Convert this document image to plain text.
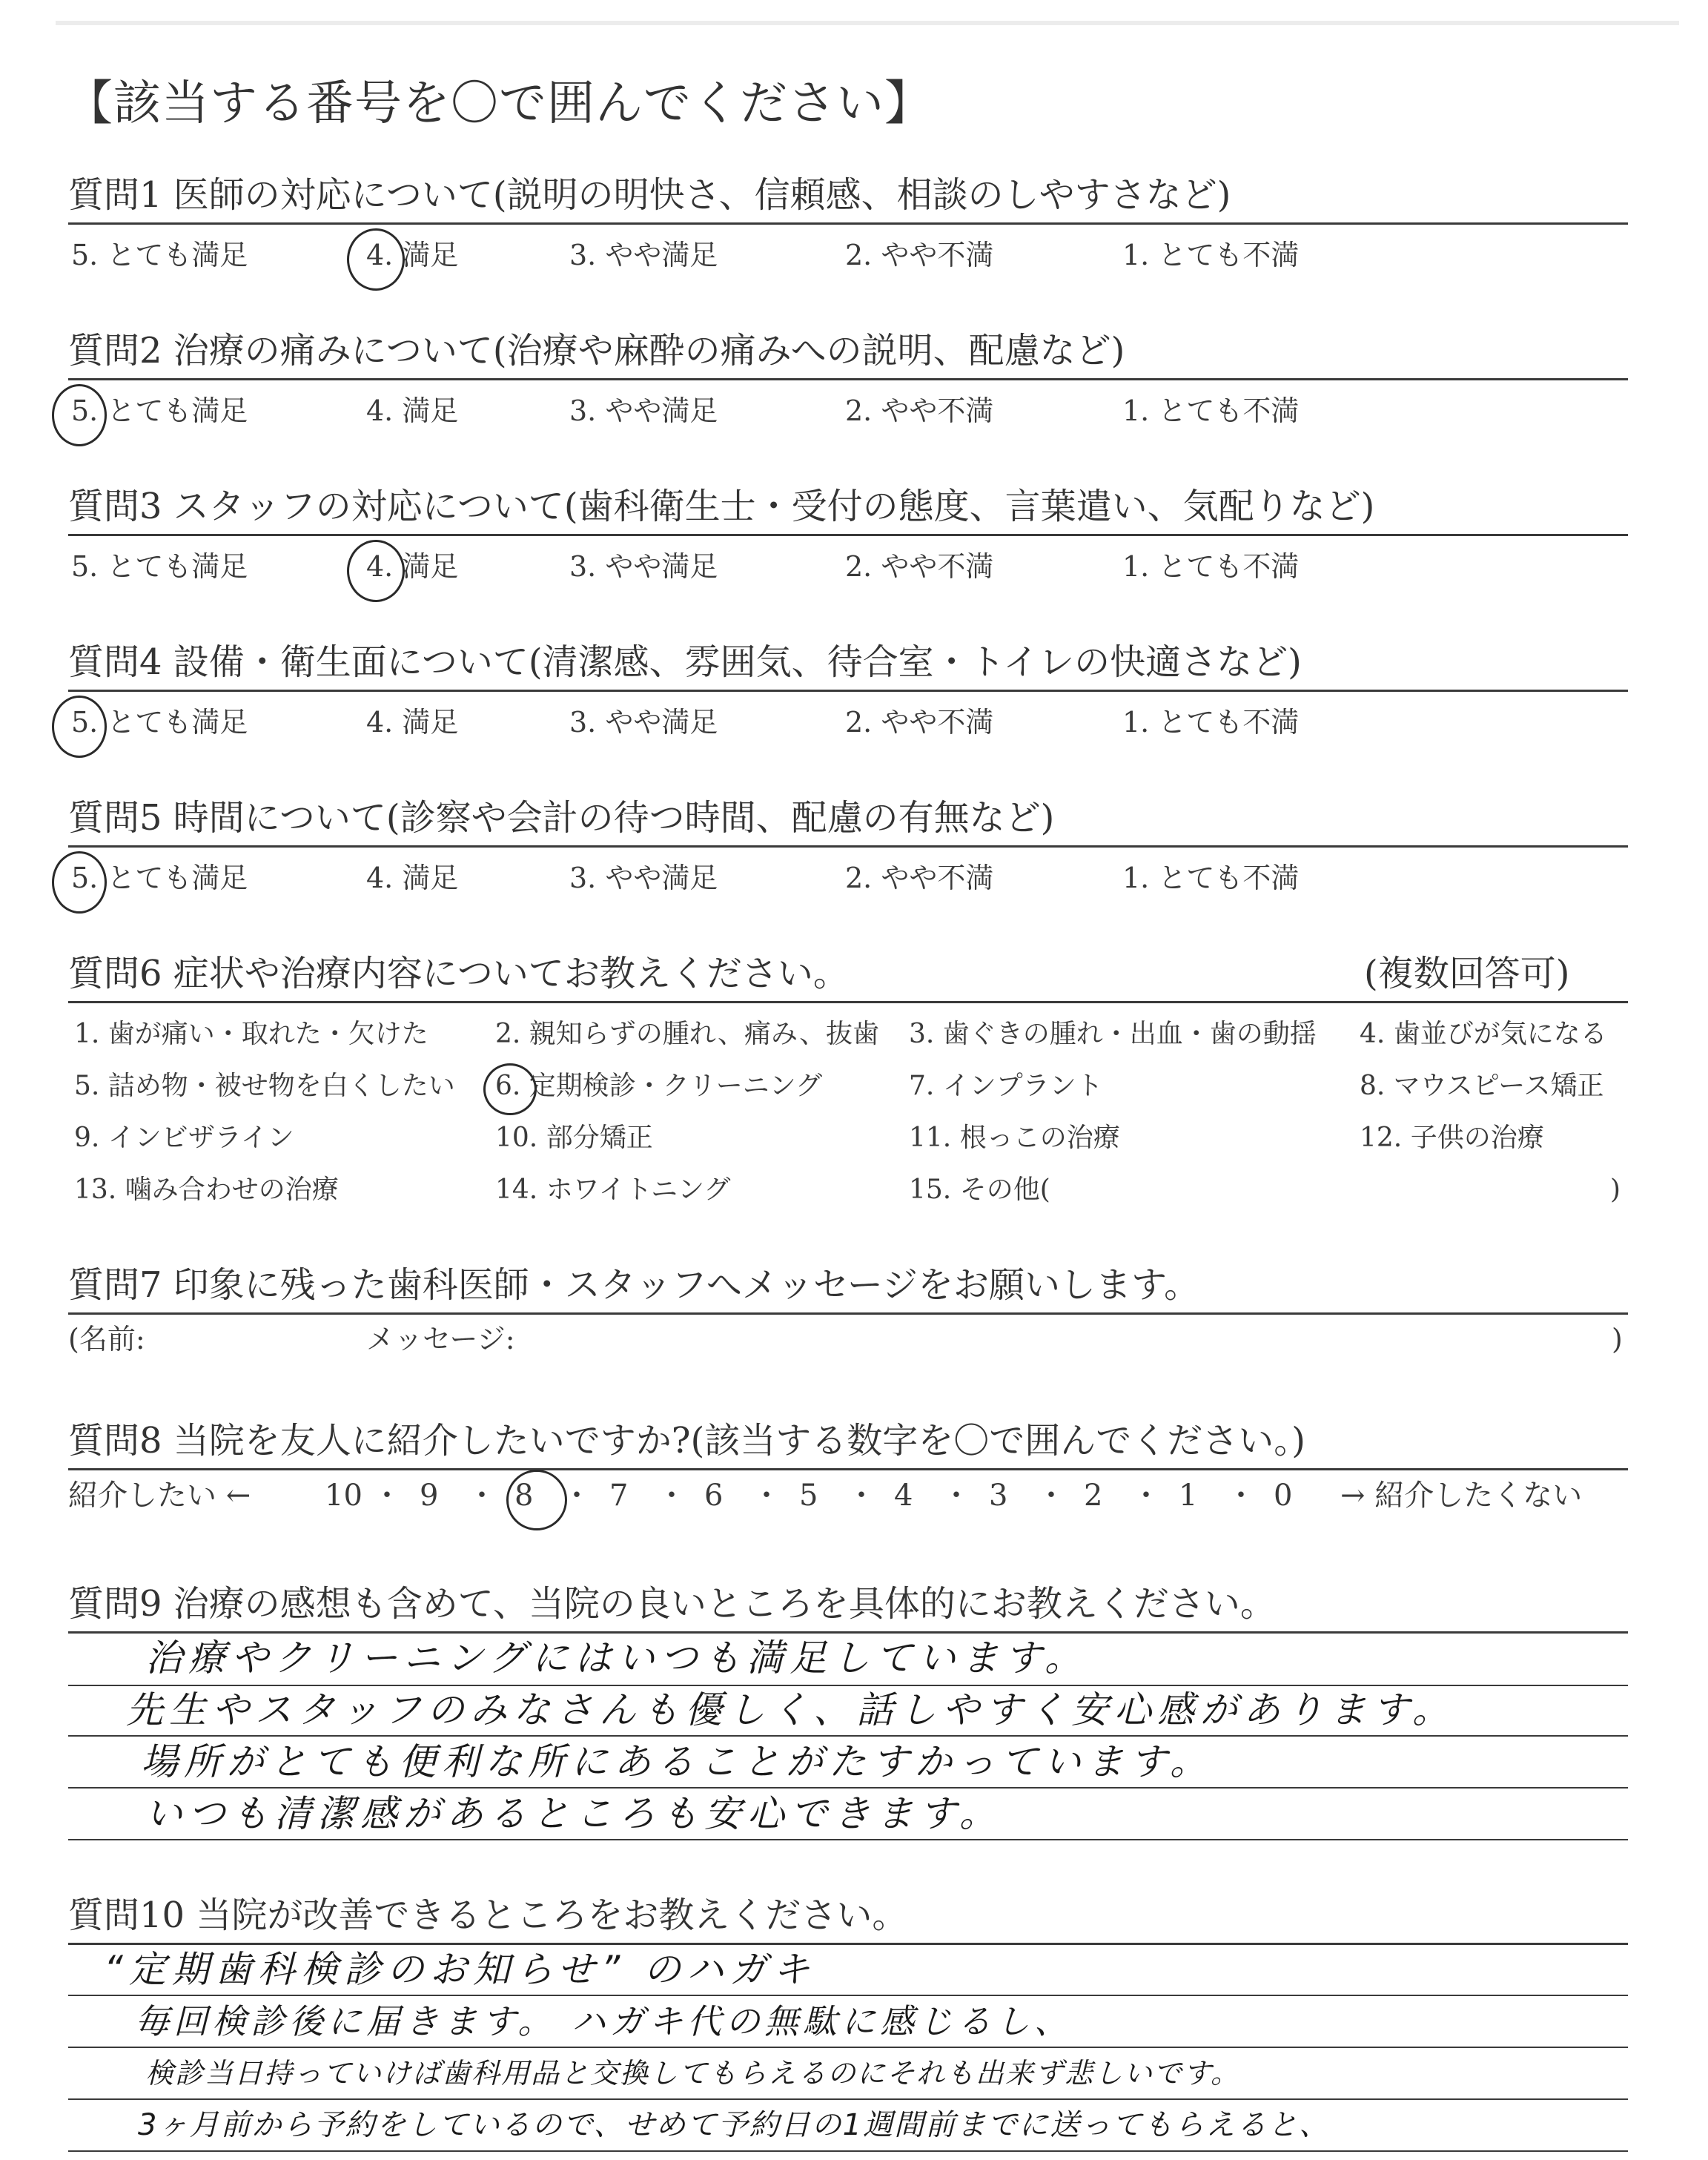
【該当する番号を〇で囲んでください】
質問1 医師の対応について(説明の明快さ、信頼感、相談のしやすさなど)
5. とても満足	4. 満足	3. やや満足	2. やや不満	1. とても不満
質問2 治療の痛みについて(治療や麻酔の痛みへの説明、配慮など)
5. とても満足	4. 満足	3. やや満足	2. やや不満	1. とても不満
質問3 スタッフの対応について(歯科衛生士・受付の態度、言葉遣い、気配りなど)
5. とても満足	4. 満足	3. やや満足	2. やや不満	1. とても不満
質問4 設備・衛生面について(清潔感、雰囲気、待合室・トイレの快適さなど)
5. とても満足	4. 満足	3. やや満足	2. やや不満	1. とても不満
質問5 時間について(診察や会計の待つ時間、配慮の有無など)
5. とても満足	4. 満足	3. やや満足	2. やや不満	1. とても不満
質問6 症状や治療内容についてお教えください。	(複数回答可)
1. 歯が痛い・取れた・欠けた	2. 親知らずの腫れ、痛み、抜歯 3. 歯ぐきの腫れ・出血・歯の動揺 4. 歯並びが気になる
5. 詰め物・被せ物を白くしたい 6. 定期検診・クリーニング	7. インプラント	8. マウスピース矯正
9. インビザライン	10. 部分矯正	11. 根っこの治療	12. 子供の治療
13. 噛み合わせの治療	14. ホワイトニング	15. その他(	)
質問7 印象に残った歯科医師・スタッフへメッセージをお願いします。
(名前:	メッセージ:	)
質問8 当院を友人に紹介したいですか?(該当する数字を〇で囲んでください。)
紹介したい ←	→ 紹介したくない
質問9 治療の感想も含めて、当院の良いところを具体的にお教えください。
治療やクリーニングにはいつも満足しています。
先生やスタッフのみなさんも優しく、話しやすく安心感があります。
場所がとても便利な所にあることがたすかっています。
いつも清潔感があるところも安心できます。
質問10 当院が改善できるところをお教えください。
“定期歯科検診のお知らせ” のハガキ
毎回検診後に届きます。 ハガキ代の無駄に感じるし、
検診当日持っていけば歯科用品と交換してもらえるのにそれも出来ず悲しいです。
3ヶ月前から予約をしているので、せめて予約日の1週間前までに送ってもらえると、
10 ・ 9 ・ 8 ・ 7 ・ 6 ・ 5 ・ 4 ・ 3 ・ 2 ・ 1 ・ 0
